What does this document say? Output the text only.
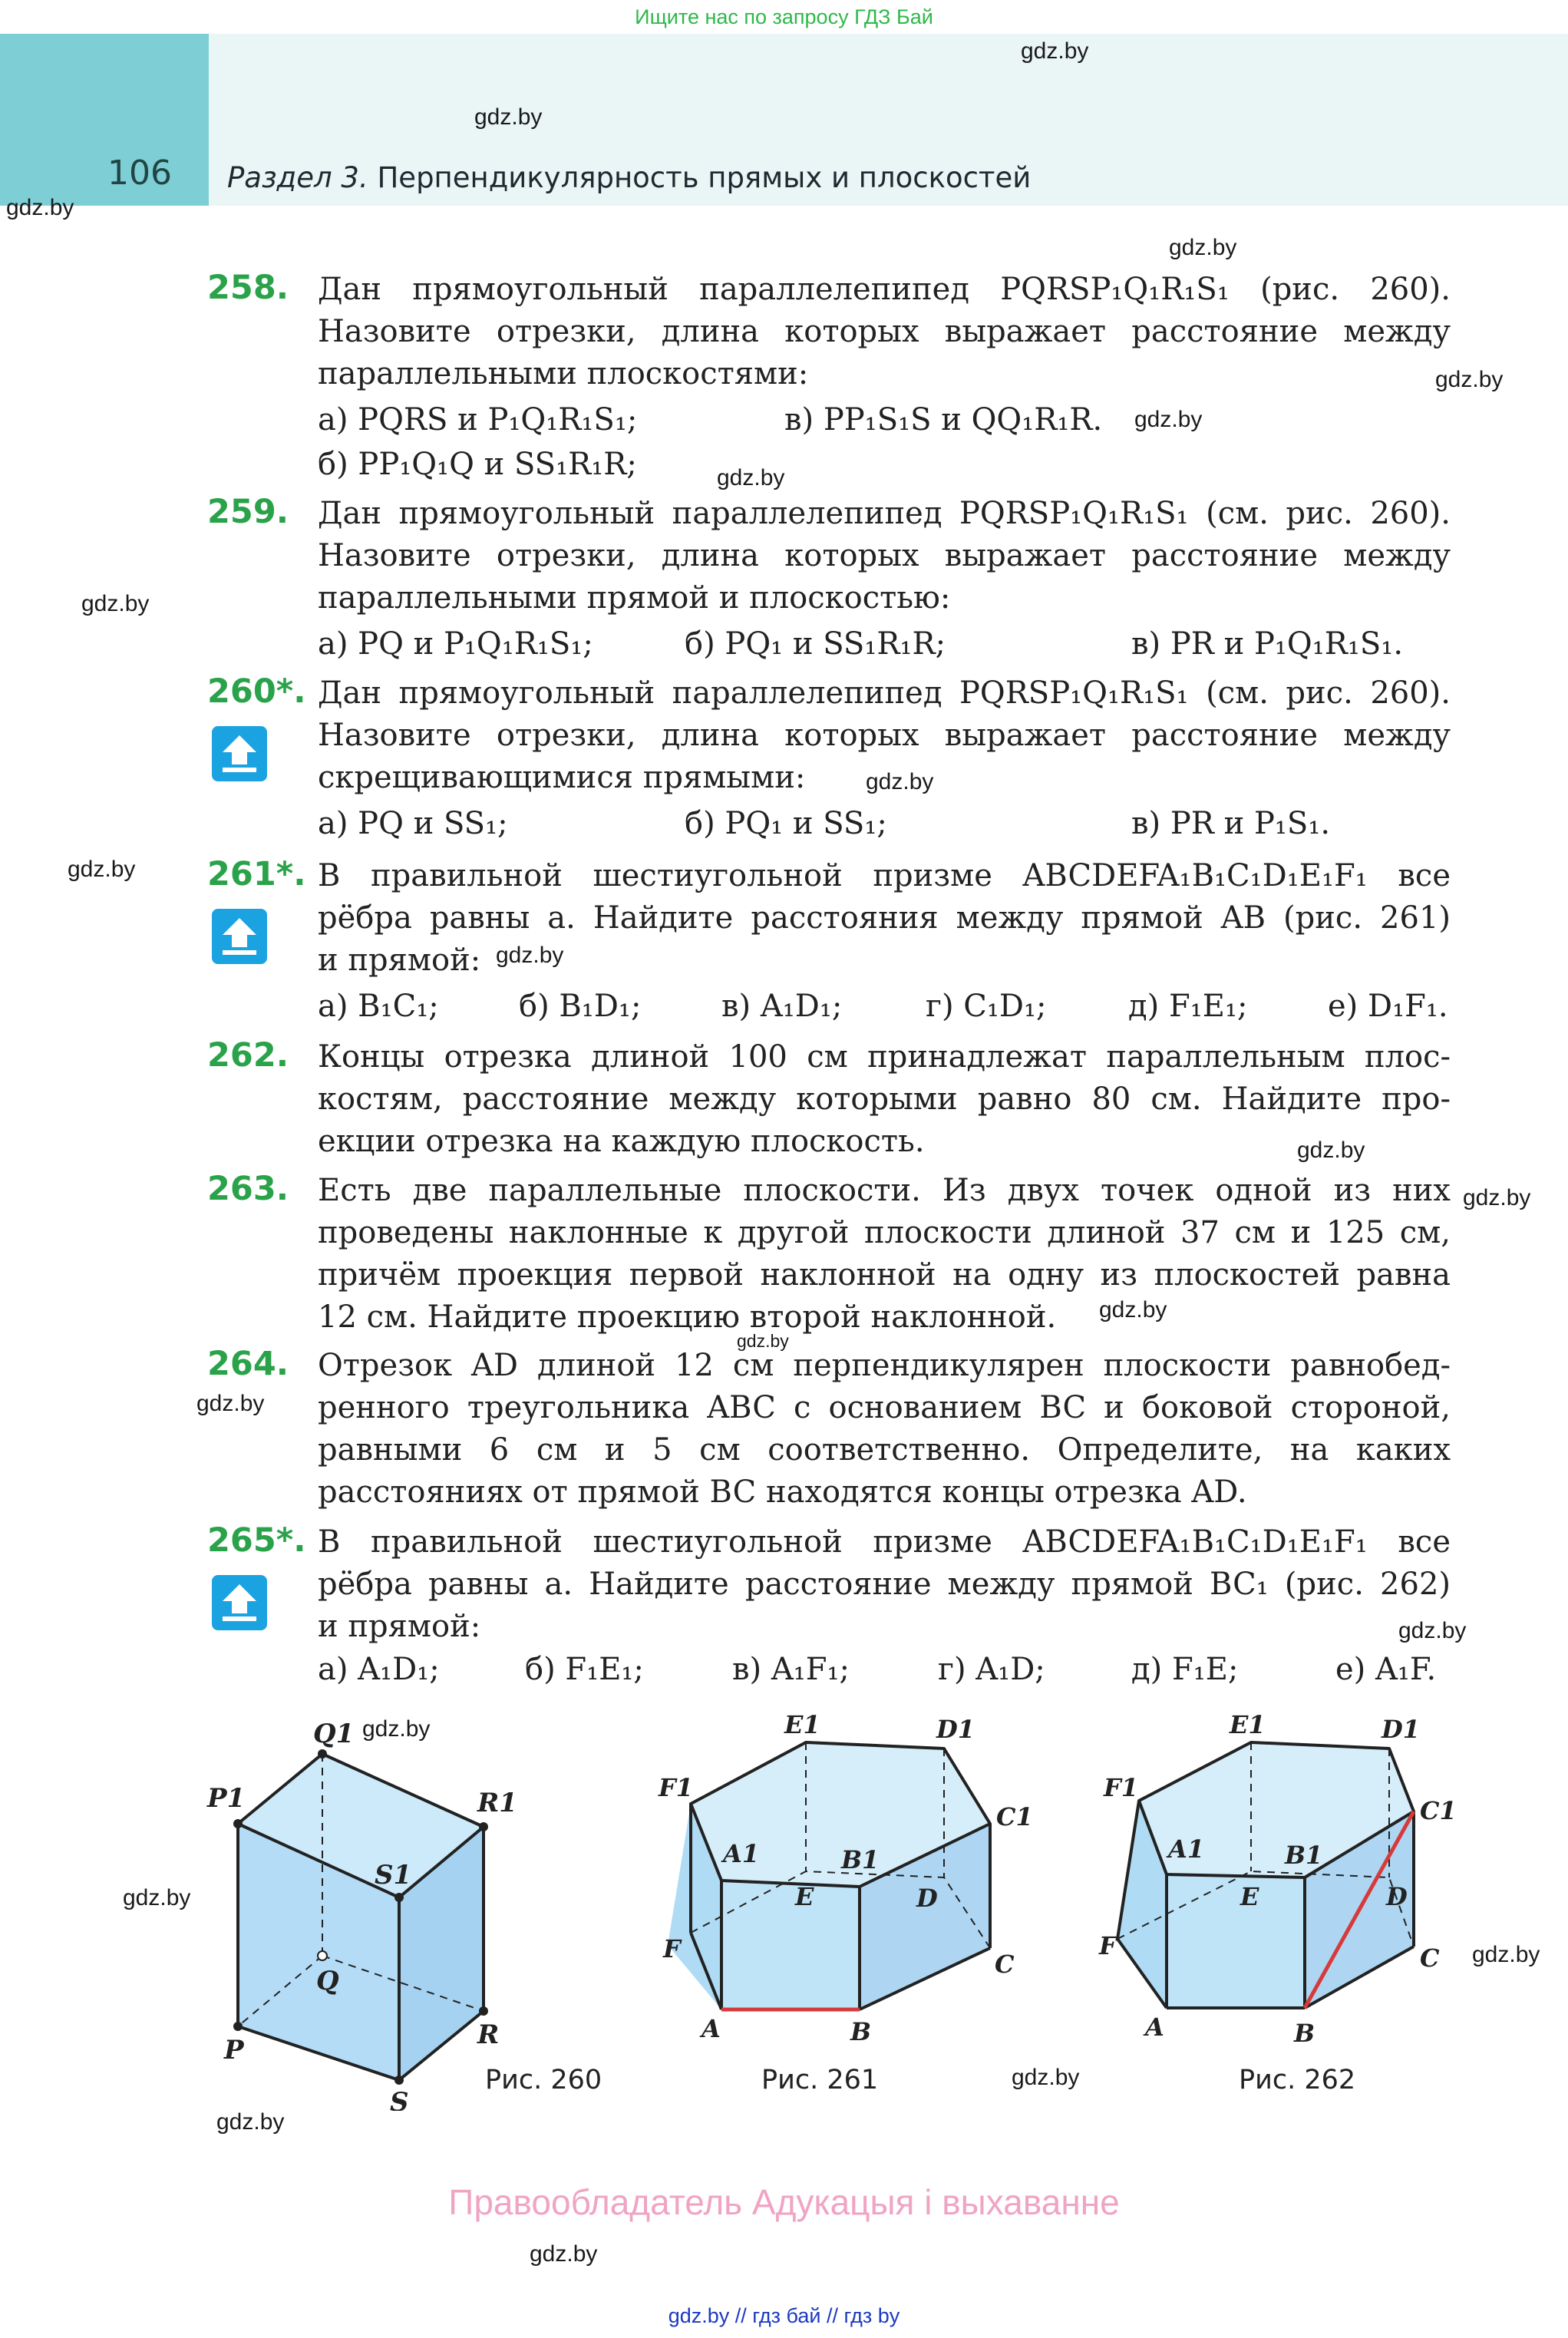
Ищите нас по запросу ГДЗ Бай
106 Раздел 3. Перпендикулярность прямых и плоскостей
gdz.by
gdz.by
gdz.by
gdz.by
gdz.by
gdz.by
gdz.by
gdz.by
gdz.by
gdz.by
gdz.by
gdz.by
gdz.by
gdz.by
gdz.by
gdz.by
gdz.by
gdz.by
gdz.by
gdz.by
gdz.by
gdz.by
gdz.by
258. Дан прямоугольный параллелепипед PQRSP₁Q₁R₁S₁ (рис. 260).
Назовите отрезки, длина которых выражает расстояние между
параллельными плоскостями:
а) PQRS и P₁Q₁R₁S₁;	в) PP₁S₁S и QQ₁R₁R.
б) PP₁Q₁Q и SS₁R₁R;
259. Дан прямоугольный параллелепипед PQRSP₁Q₁R₁S₁ (см. рис. 260).
Назовите отрезки, длина которых выражает расстояние между
параллельными прямой и плоскостью:
а) PQ и P₁Q₁R₁S₁;	б) PQ₁ и SS₁R₁R;	в) PR и P₁Q₁R₁S₁.
260*. Дан прямоугольный параллелепипед PQRSP₁Q₁R₁S₁ (см. рис. 260).
Назовите отрезки, длина которых выражает расстояние между
скрещивающимися прямыми:
а) PQ и SS₁;	б) PQ₁ и SS₁;	в) PR и P₁S₁.
261*. В правильной шестиугольной призме ABCDEFA₁B₁C₁D₁E₁F₁ все
рёбра равны a. Найдите расстояния между прямой AB (рис. 261)
и прямой:
а) B₁C₁;	б) B₁D₁;	в) A₁D₁;	г) C₁D₁;	д) F₁E₁;	е) D₁F₁.
262. Концы отрезка длиной 100 см принадлежат параллельным плос-
костям, расстояние между которыми равно 80 см. Найдите про-
екции отрезка на каждую плоскость.
263. Есть две параллельные плоскости. Из двух точек одной из них
проведены наклонные к другой плоскости длиной 37 см и 125 см,
причём проекция первой наклонной на одну из плоскостей равна
12 см. Найдите проекцию второй наклонной.
264. Отрезок AD длиной 12 см перпендикулярен плоскости равнобед-
ренного треугольника ABC с основанием BC и боковой стороной,
равными 6 см и 5 см соответственно. Определите, на каких
расстояниях от прямой BC находятся концы отрезка AD.
265*. В правильной шестиугольной призме ABCDEFA₁B₁C₁D₁E₁F₁ все
рёбра равны a. Найдите расстояние между прямой BC₁ (рис. 262)
и прямой:
а) A₁D₁;	б) F₁E₁;	в) A₁F₁;	г) A₁D;	д) F₁E;	е) A₁F.
Q1
R1
P1
S1
Q
R
P
S
Рис. 260
E1	D1
F1
C1
A1	B1
E	D
F
C
A	B
Рис. 261
E1	D1
F1
C1
A1	B1
E	D
F	C
A	B
Рис. 262
Правообладатель Адукацыя і выхаванне
gdz.by // гдз бай // гдз by
